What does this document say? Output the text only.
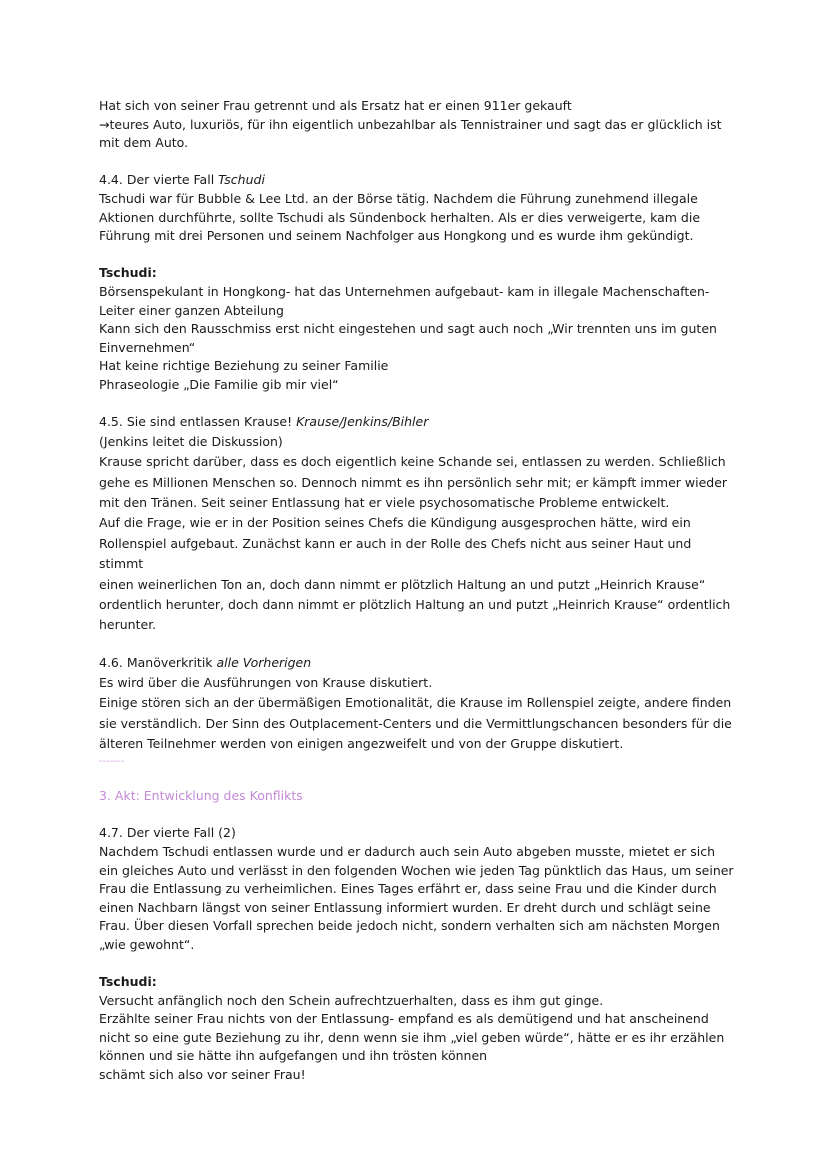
Hat sich von seiner Frau getrennt und als Ersatz hat er einen 911er gekauft

→teures Auto, luxuriös, für ihn eigentlich unbezahlbar als Tennistrainer und sagt das er glücklich ist

mit dem Auto.

4.4. Der vierte Fall Tschudi

Tschudi war für Bubble & Lee Ltd. an der Börse tätig. Nachdem die Führung zunehmend illegale

Aktionen durchführte, sollte Tschudi als Sündenbock herhalten. Als er dies verweigerte, kam die

Führung mit drei Personen und seinem Nachfolger aus Hongkong und es wurde ihm gekündigt.

Tschudi:

Börsenspekulant in Hongkong- hat das Unternehmen aufgebaut- kam in illegale Machenschaften-

Leiter einer ganzen Abteilung

Kann sich den Rausschmiss erst nicht eingestehen und sagt auch noch „Wir trennten uns im guten

Einvernehmen“

Hat keine richtige Beziehung zu seiner Familie

Phraseologie „Die Familie gib mir viel“

4.5. Sie sind entlassen Krause! Krause/Jenkins/Bihler

(Jenkins leitet die Diskussion)

Krause spricht darüber, dass es doch eigentlich keine Schande sei, entlassen zu werden. Schließlich

gehe es Millionen Menschen so. Dennoch nimmt es ihn persönlich sehr mit; er kämpft immer wieder

mit den Tränen. Seit seiner Entlassung hat er viele psychosomatische Probleme entwickelt.

Auf die Frage, wie er in der Position seines Chefs die Kündigung ausgesprochen hätte, wird ein

Rollenspiel aufgebaut. Zunächst kann er auch in der Rolle des Chefs nicht aus seiner Haut und stimmt

einen weinerlichen Ton an, doch dann nimmt er plötzlich Haltung an und putzt „Heinrich Krause“

ordentlich herunter, doch dann nimmt er plötzlich Haltung an und putzt „Heinrich Krause“ ordentlich

herunter.

4.6. Manöverkritik alle Vorherigen

Es wird über die Ausführungen von Krause diskutiert.

Einige stören sich an der übermäßigen Emotionalität, die Krause im Rollenspiel zeigte, andere finden

sie verständlich. Der Sinn des Outplacement-Centers und die Vermittlungschancen besonders für die

älteren Teilnehmer werden von einigen angezweifelt und von der Gruppe diskutiert.

-------

3. Akt: Entwicklung des Konflikts

4.7. Der vierte Fall (2)

Nachdem Tschudi entlassen wurde und er dadurch auch sein Auto abgeben musste, mietet er sich

ein gleiches Auto und verlässt in den folgenden Wochen wie jeden Tag pünktlich das Haus, um seiner

Frau die Entlassung zu verheimlichen. Eines Tages erfährt er, dass seine Frau und die Kinder durch

einen Nachbarn längst von seiner Entlassung informiert wurden. Er dreht durch und schlägt seine

Frau. Über diesen Vorfall sprechen beide jedoch nicht, sondern verhalten sich am nächsten Morgen

„wie gewohnt“.

Tschudi:

Versucht anfänglich noch den Schein aufrechtzuerhalten, dass es ihm gut ginge.

Erzählte seiner Frau nichts von der Entlassung- empfand es als demütigend und hat anscheinend

nicht so eine gute Beziehung zu ihr, denn wenn sie ihm „viel geben würde“, hätte er es ihr erzählen

können und sie hätte ihn aufgefangen und ihn trösten können

schämt sich also vor seiner Frau!
